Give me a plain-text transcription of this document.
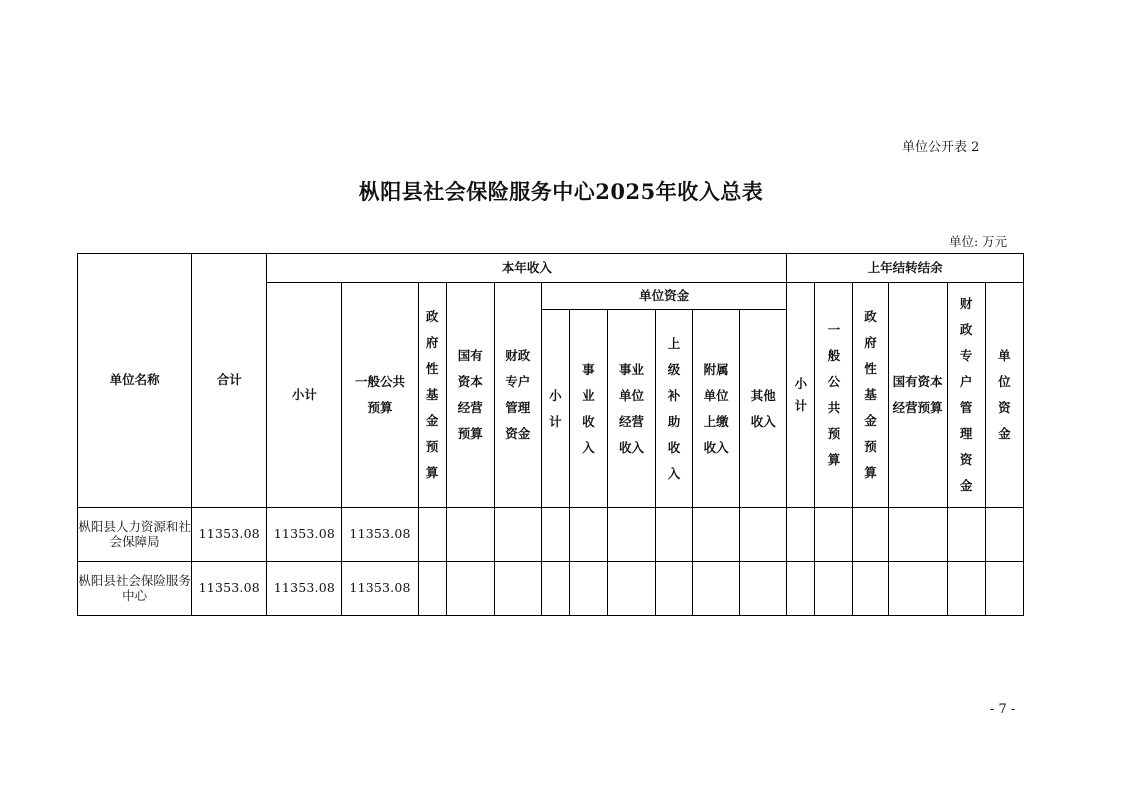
单位公开表 2
枞阳县社会保险服务中心2025年收入总表
单位: 万元
单位名称	合计	本年收入											上年结转结余					
		小计	一般公共预算	政府性基金预算	国有资本经营预算	财政专户管理资金	单位资金						小计	一般公共预算	政府性基金预算	国有资本经营预算	财政专户管理资金	单位资金
							小计	事业收入	事业单位经营收入	上级补助收入	附属单位上缴收入	其他收入						
枞阳县人力资源和社会保障局	11353.08	11353.08	11353.08															
枞阳县社会保险服务中心	11353.08	11353.08	11353.08															
- 7 -
